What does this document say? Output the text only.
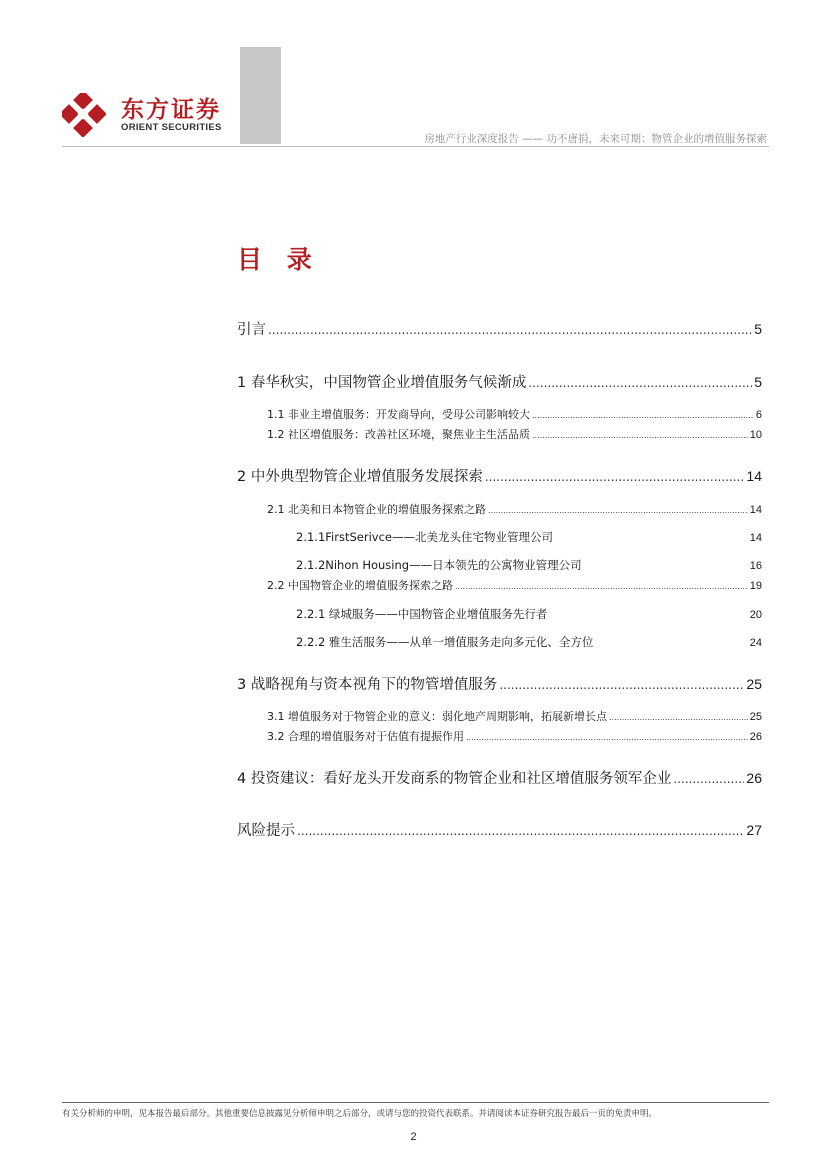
东方证券
ORIENT SECURITIES
房地产行业深度报告 —— 功不唐捐，未来可期：物管企业的增值服务探索
目 录
引言 .....	5
1 春华秋实，中国物管企业增值服务气候渐成 .....	5
1.1 非业主增值服务：开发商导向，受母公司影响较大 .....	6
1.2 社区增值服务：改善社区环境，聚焦业主生活品质 .....	10
2 中外典型物管企业增值服务发展探索 .....	14
2.1 北美和日本物管企业的增值服务探索之路 .....	14
2.1.1FirstSerivce——北美龙头住宅物业管理公司	14
2.1.2Nihon Housing——日本领先的公寓物业管理公司	16
2.2 中国物管企业的增值服务探索之路 .....	19
2.2.1 绿城服务——中国物管企业增值服务先行者	20
2.2.2 雅生活服务——从单一增值服务走向多元化、全方位	24
3 战略视角与资本视角下的物管增值服务 .....	25
3.1 增值服务对于物管企业的意义：弱化地产周期影响，拓展新增长点 .....	25
3.2 合理的增值服务对于估值有提振作用 .....	26
4 投资建议：看好龙头开发商系的物管企业和社区增值服务领军企业 .....	26
风险提示 .....	27
有关分析师的申明，见本报告最后部分。其他重要信息披露见分析师申明之后部分，或请与您的投资代表联系。并请阅读本证券研究报告最后一页的免责申明。
2
